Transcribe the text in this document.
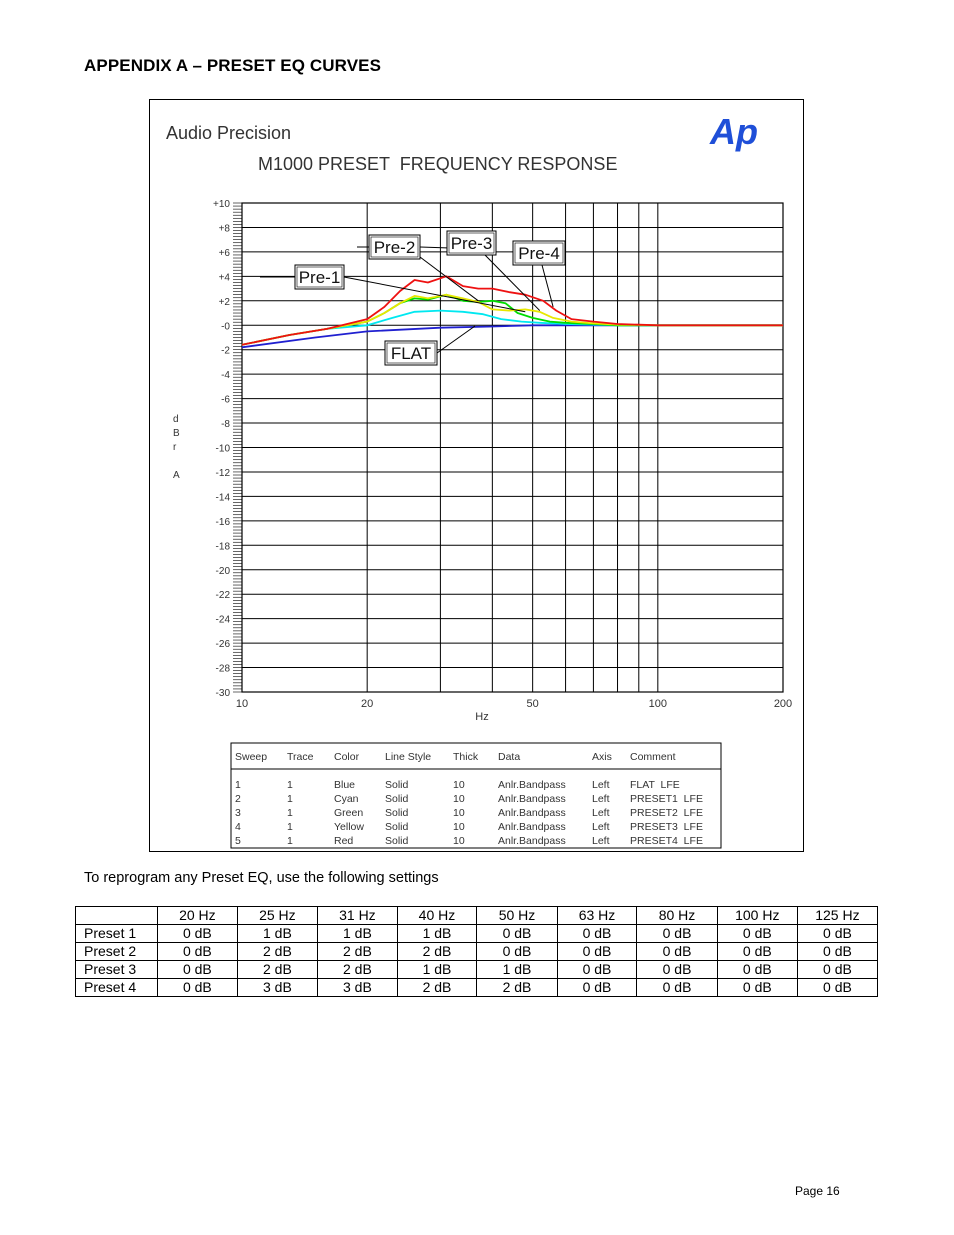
APPENDIX A – PRESET EQ CURVES
Audio Precision	Ap
M1000 PRESET  FREQUENCY RESPONSE
d
B
r
A
+10
+8
+6
+4
+2
-0
-2
-4
-6
-8
-10
-12
-14
-16
-18
-20
-22
-24
-26
-28
-30
10	20	50	100	200
Pre-1
Pre-2 Pre-3
Pre-4
FLAT
Hz
Sweep Trace Color Line Style Thick Data	Axis Comment
1	1	Blue	Solid	10	Anlr.Bandpass	Left FLAT  LFE
2	1	Cyan	Solid	10	Anlr.Bandpass	Left PRESET1  LFE
3	1	Green Solid	10	Anlr.Bandpass	Left PRESET2  LFE
4	1	Yellow Solid	10	Anlr.Bandpass	Left PRESET3  LFE
5	1	Red	Solid	10	Anlr.Bandpass	Left PRESET4  LFE
To reprogram any Preset EQ, use the following settings
	20 Hz	25 Hz	31 Hz	40 Hz	50 Hz	63 Hz	80 Hz	100 Hz	125 Hz
Preset 1	0 dB	1 dB	1 dB	1 dB	0 dB	0 dB	0 dB	0 dB	0 dB
Preset 2	0 dB	2 dB	2 dB	2 dB	0 dB	0 dB	0 dB	0 dB	0 dB
Preset 3	0 dB	2 dB	2 dB	1 dB	1 dB	0 dB	0 dB	0 dB	0 dB
Preset 4	0 dB	3 dB	3 dB	2 dB	2 dB	0 dB	0 dB	0 dB	0 dB
Page 16
